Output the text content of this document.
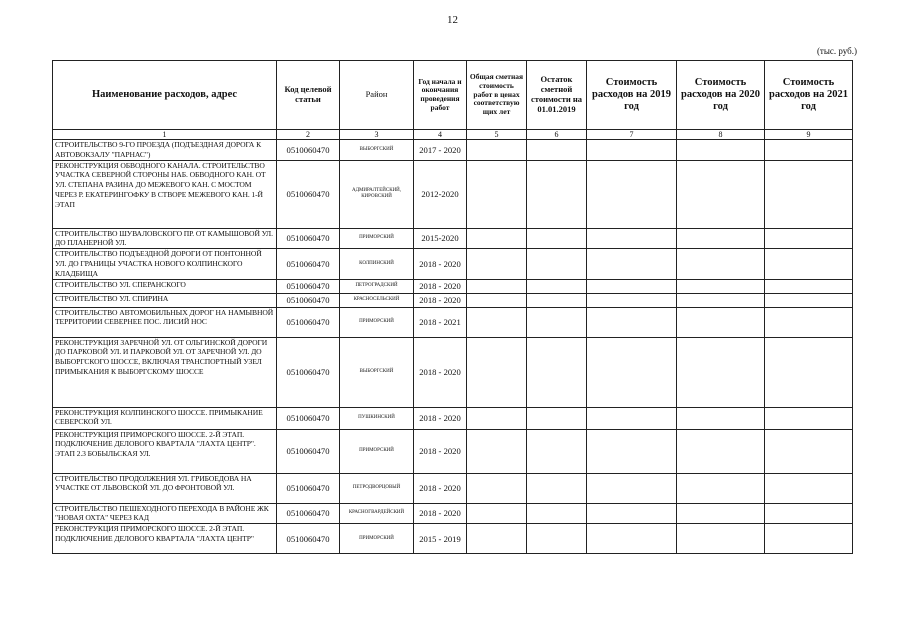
12
(тыс. руб.)
Наименование расходов, адрес	Код целевой статьи	Район	Год начала и окончания проведения работ	Общая сметная стоимость работ в ценах соответствую щих лет	Остаток сметной стоимости на 01.01.2019	Стоимость расходов на 2019 год	Стоимость расходов на 2020 год	Стоимость расходов на 2021 год
1	2	3	4	5	6	7	8	9
СТРОИТЕЛЬСТВО 9-ГО ПРОЕЗДА (ПОДЪЕЗДНАЯ ДОРОГА К АВТОВОКЗАЛУ "ПАРНАС")	0510060470	ВЫБОРГСКИЙ	2017 - 2020					
РЕКОНСТРУКЦИЯ ОБВОДНОГО КАНАЛА. СТРОИТЕЛЬСТВО УЧАСТКА СЕВЕРНОЙ СТОРОНЫ НАБ. ОБВОДНОГО КАН. ОТ УЛ. СТЕПАНА РАЗИНА ДО МЕЖЕВОГО КАН. С МОСТОМ ЧЕРЕЗ Р. ЕКАТЕРИНГОФКУ В СТВОРЕ МЕЖЕВОГО КАН. 1-Й ЭТАП	0510060470	АДМИРАЛТЕЙСКИЙ, КИРОВСКИЙ	2012-2020					
СТРОИТЕЛЬСТВО ШУВАЛОВСКОГО ПР. ОТ КАМЫШОВОЙ УЛ. ДО ПЛАНЕРНОЙ УЛ.	0510060470	ПРИМОРСКИЙ	2015-2020					
СТРОИТЕЛЬСТВО ПОДЪЕЗДНОЙ ДОРОГИ ОТ ПОНТОННОЙ УЛ. ДО ГРАНИЦЫ УЧАСТКА НОВОГО КОЛПИНСКОГО КЛАДБИЩА	0510060470	КОЛПИНСКИЙ	2018 - 2020					
СТРОИТЕЛЬСТВО УЛ. СПЕРАНСКОГО	0510060470	ПЕТРОГРАДСКИЙ	2018 - 2020					
СТРОИТЕЛЬСТВО УЛ. СПИРИНА	0510060470	КРАСНОСЕЛЬСКИЙ	2018 - 2020					
СТРОИТЕЛЬСТВО АВТОМОБИЛЬНЫХ ДОРОГ НА НАМЫВНОЙ ТЕРРИТОРИИ СЕВЕРНЕЕ ПОС. ЛИСИЙ НОС	0510060470	ПРИМОРСКИЙ	2018 - 2021					
РЕКОНСТРУКЦИЯ ЗАРЕЧНОЙ УЛ. ОТ ОЛЬГИНСКОЙ ДОРОГИ ДО ПАРКОВОЙ УЛ. И ПАРКОВОЙ УЛ. ОТ ЗАРЕЧНОЙ УЛ. ДО ВЫБОРГСКОГО ШОССЕ, ВКЛЮЧАЯ ТРАНСПОРТНЫЙ УЗЕЛ ПРИМЫКАНИЯ К ВЫБОРГСКОМУ ШОССЕ	0510060470	ВЫБОРГСКИЙ	2018 - 2020					
РЕКОНСТРУКЦИЯ КОЛПИНСКОГО ШОССЕ. ПРИМЫКАНИЕ СЕВЕРСКОЙ УЛ.	0510060470	ПУШКИНСКИЙ	2018 - 2020					
РЕКОНСТРУКЦИЯ ПРИМОРСКОГО ШОССЕ. 2-Й ЭТАП. ПОДКЛЮЧЕНИЕ ДЕЛОВОГО КВАРТАЛА "ЛАХТА ЦЕНТР". ЭТАП 2.3 БОБЫЛЬСКАЯ УЛ.	0510060470	ПРИМОРСКИЙ	2018 - 2020					
СТРОИТЕЛЬСТВО ПРОДОЛЖЕНИЯ УЛ. ГРИБОЕДОВА НА УЧАСТКЕ ОТ ЛЬВОВСКОЙ УЛ. ДО ФРОНТОВОЙ УЛ.	0510060470	ПЕТРОДВОРЦОВЫЙ	2018 - 2020					
СТРОИТЕЛЬСТВО ПЕШЕХОДНОГО ПЕРЕХОДА В РАЙОНЕ ЖК "НОВАЯ ОХТА" ЧЕРЕЗ КАД	0510060470	КРАСНОГВАРДЕЙСКИЙ	2018 - 2020					
РЕКОНСТРУКЦИЯ ПРИМОРСКОГО ШОССЕ. 2-Й ЭТАП. ПОДКЛЮЧЕНИЕ ДЕЛОВОГО КВАРТАЛА "ЛАХТА ЦЕНТР"	0510060470	ПРИМОРСКИЙ	2015 - 2019					
